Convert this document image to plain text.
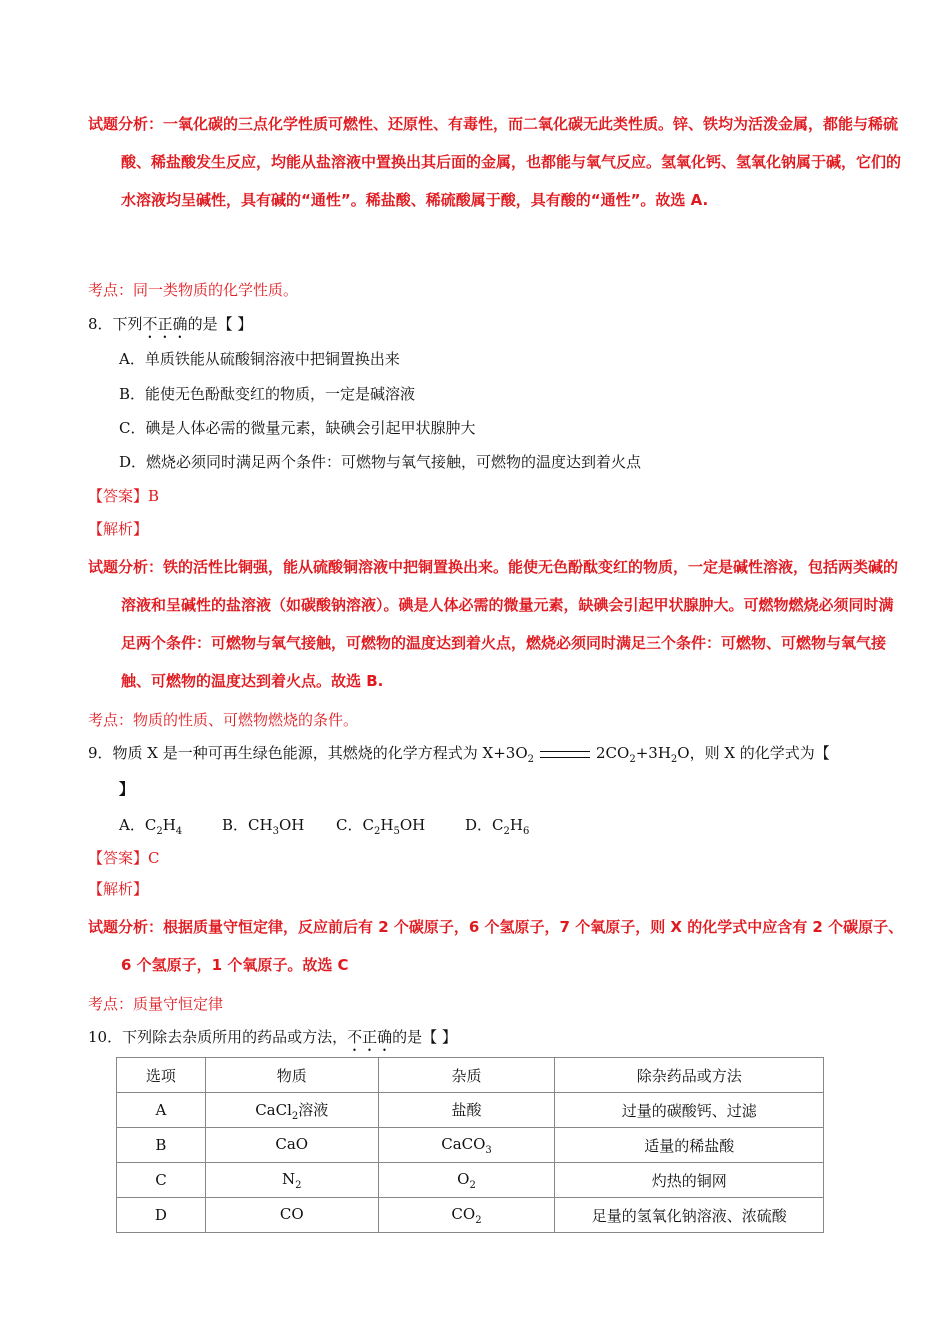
试题分析：一氧化碳的三点化学性质可燃性、还原性、有毒性，而二氧化碳无此类性质。锌、铁均为活泼金属，都能与稀硫酸、稀盐酸发生反应，均能从盐溶液中置换出其后面的金属，也都能与氧气反应。氢氧化钙、氢氧化钠属于碱，它们的水溶液均呈碱性，具有碱的“通性”。稀盐酸、稀硫酸属于酸，具有酸的“通性”。故选 A.
考点：同一类物质的化学性质。
8．下列不正确的是【 】
A．单质铁能从硫酸铜溶液中把铜置换出来
B．能使无色酚酞变红的物质，一定是碱溶液
C．碘是人体必需的微量元素，缺碘会引起甲状腺肿大
D．燃烧必须同时满足两个条件：可燃物与氧气接触，可燃物的温度达到着火点
【答案】B
【解析】
试题分析：铁的活性比铜强，能从硫酸铜溶液中把铜置换出来。能使无色酚酞变红的物质，一定是碱性溶液，包括两类碱的溶液和呈碱性的盐溶液（如碳酸钠溶液）。碘是人体必需的微量元素，缺碘会引起甲状腺肿大。可燃物燃烧必须同时满足两个条件：可燃物与氧气接触，可燃物的温度达到着火点，燃烧必须同时满足三个条件：可燃物、可燃物与氧气接触、可燃物的温度达到着火点。故选 B.
考点：物质的性质、可燃物燃烧的条件。
9．物质 X 是一种可再生绿色能源，其燃烧的化学方程式为 $X+3O_2$	$2CO_2+3H_2O$，则 X 的化学式为【
】
A．$C_2H_4$	B．$CH_3OH$ C．$C_2H_5OH$	D．$C_2H_6$
【答案】C
【解析】
试题分析：根据质量守恒定律，反应前后有 2 个碳原子，6 个氢原子，7 个氧原子，则 X 的化学式中应含有 2 个碳原子、6 个氢原子，1 个氧原子。故选 C
考点：质量守恒定律
10．下列除去杂质所用的药品或方法，不正确的是【 】
选项	物质	杂质	除杂药品或方法
A	CaCl$_2$溶液	盐酸	过量的碳酸钙、过滤
B	CaO	CaCO$_3$	适量的稀盐酸
C	$N_2$	$O_2$	灼热的铜网
D	CO	$CO_2$	足量的氢氧化钠溶液、浓硫酸
